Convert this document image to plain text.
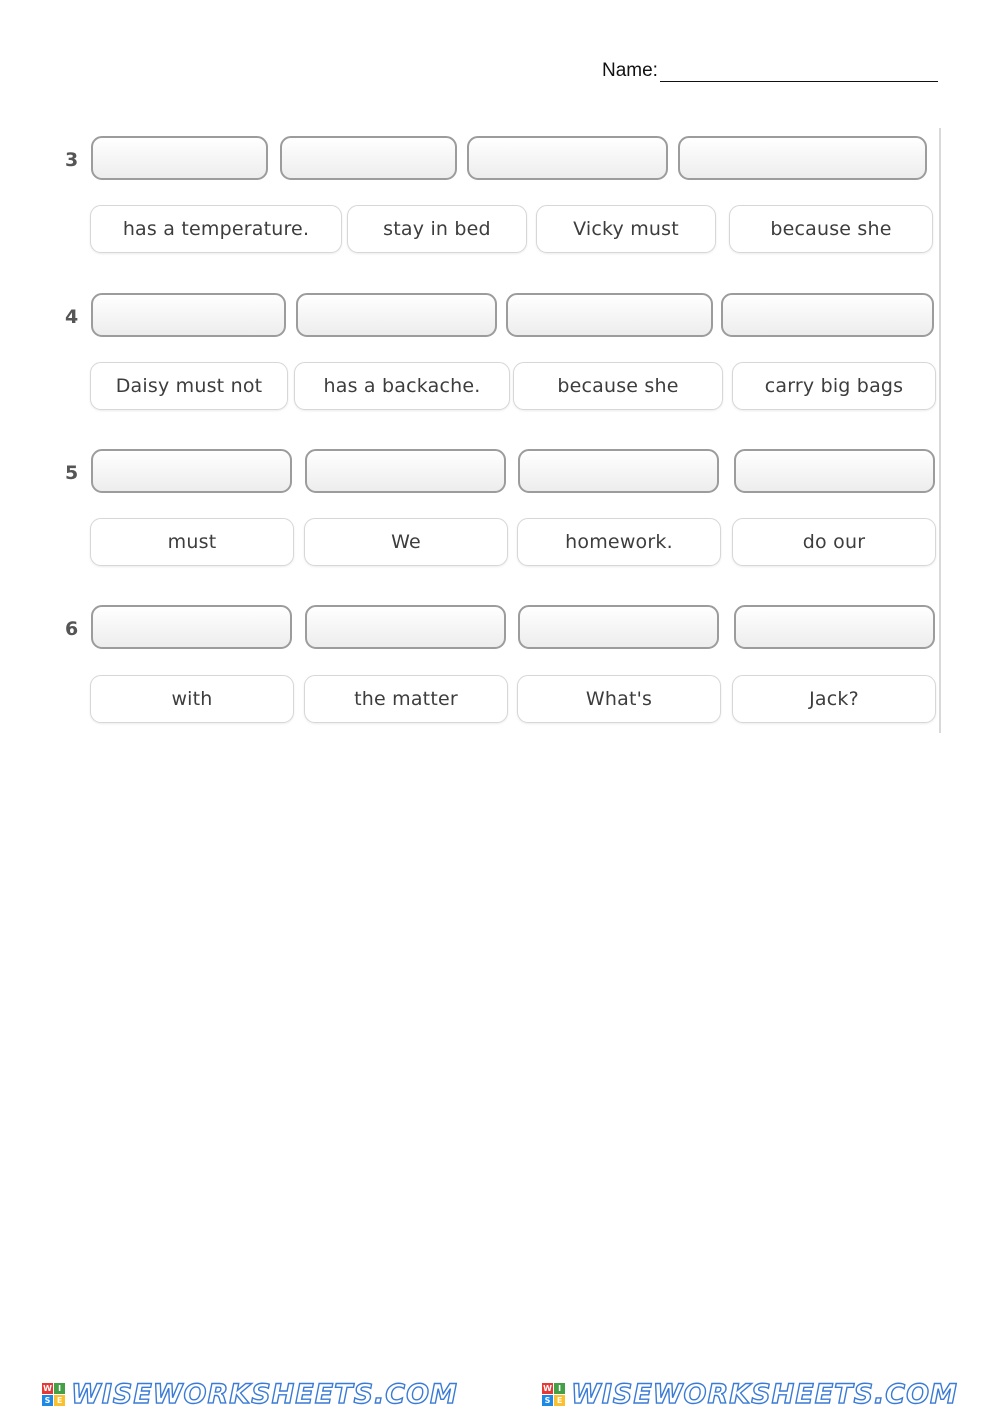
Name:
3
has a temperature.	stay in bed	Vicky must	because she
4
Daisy must not	has a backache.	because she	carry big bags
5
must	We	homework.	do our
6
with	the matter	What's	Jack?
W I
S E WISEWORKSHEETS.COM	W I
S E WISEWORKSHEETS.COM
